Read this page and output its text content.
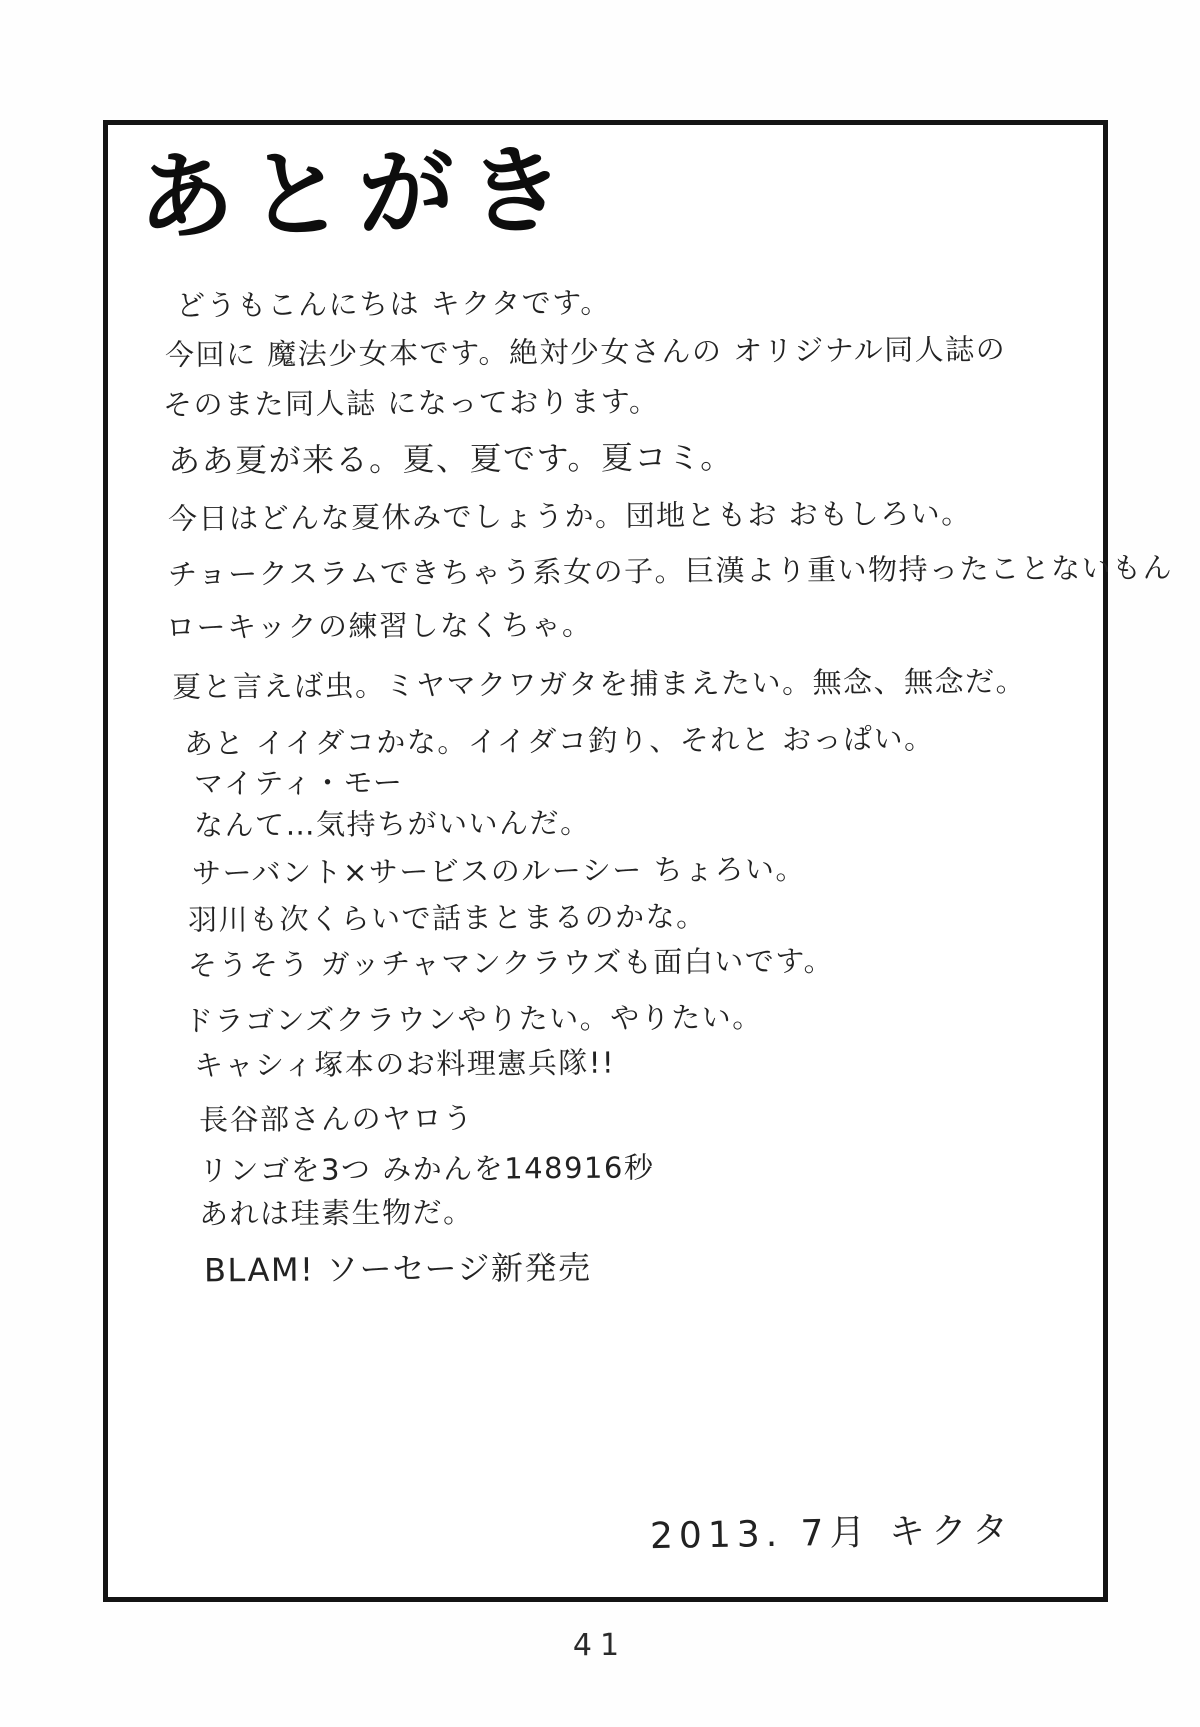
あとがき
どうもこんにちは キクタです。
今回に 魔法少女本です。絶対少女さんの オリジナル同人誌の
そのまた同人誌 になっております。
ああ夏が来る。夏、夏です。夏コミ。
今日はどんな夏休みでしょうか。団地ともお おもしろい。
チョークスラムできちゃう系女の子。巨漢より重い物持ったことないもん
ローキックの練習しなくちゃ。
夏と言えば虫。ミヤマクワガタを捕まえたい。無念、無念だ。
あと イイダコかな。イイダコ釣り、それと おっぱい。
マイティ・モー
なんて…気持ちがいいんだ。
サーバント×サービスのルーシー ちょろい。
羽川も次くらいで話まとまるのかな。
そうそう ガッチャマンクラウズも面白いです。
ドラゴンズクラウンやりたい。やりたい。
キャシィ塚本のお料理憲兵隊!!
長谷部さんのヤロう
リンゴを3つ みかんを148916秒
あれは珪素生物だ。
BLAM! ソーセージ新発売
2013. 7月 キクタ
41
